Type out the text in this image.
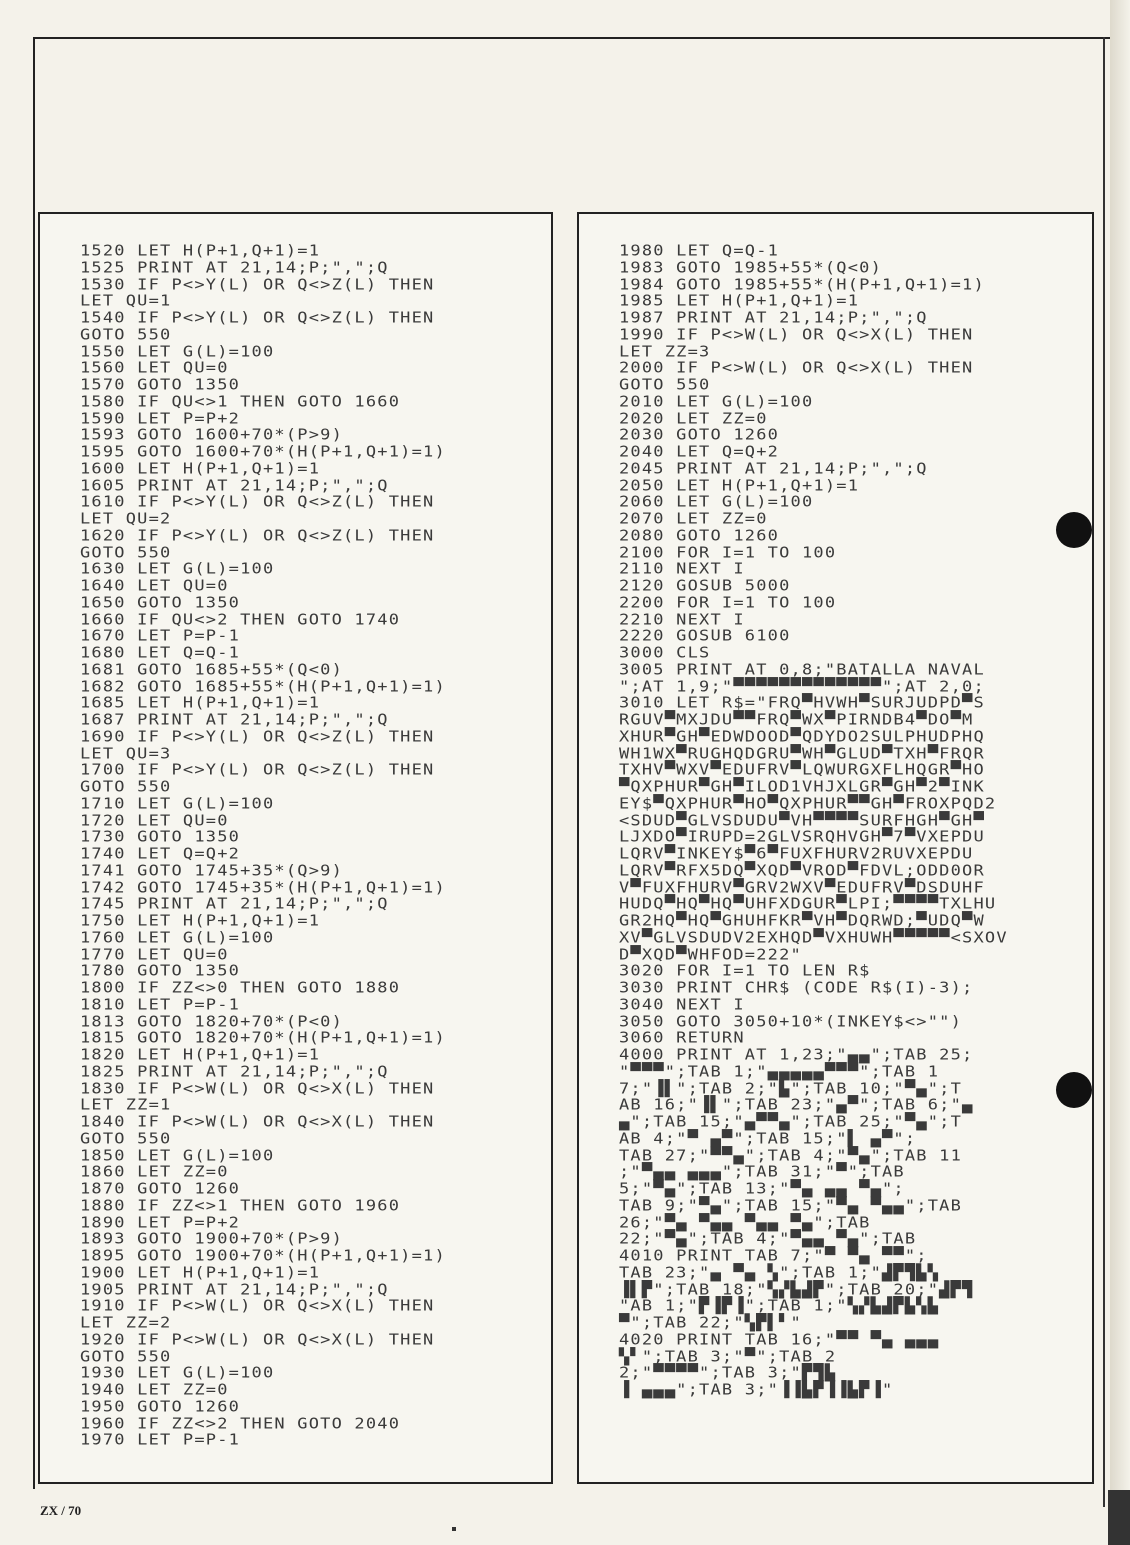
1520 LET H(P+1,Q+1)=1
1525 PRINT AT 21,14;P;",";Q
1530 IF P<>Y(L) OR Q<>Z(L) THEN
LET QU=1
1540 IF P<>Y(L) OR Q<>Z(L) THEN
GOTO 550
1550 LET G(L)=100
1560 LET QU=0
1570 GOTO 1350
1580 IF QU<>1 THEN GOTO 1660
1590 LET P=P+2
1593 GOTO 1600+70*(P>9)
1595 GOTO 1600+70*(H(P+1,Q+1)=1)
1600 LET H(P+1,Q+1)=1
1605 PRINT AT 21,14;P;",";Q
1610 IF P<>Y(L) OR Q<>Z(L) THEN
LET QU=2
1620 IF P<>Y(L) OR Q<>Z(L) THEN
GOTO 550
1630 LET G(L)=100
1640 LET QU=0
1650 GOTO 1350
1660 IF QU<>2 THEN GOTO 1740
1670 LET P=P-1
1680 LET Q=Q-1
1681 GOTO 1685+55*(Q<0)
1682 GOTO 1685+55*(H(P+1,Q+1)=1)
1685 LET H(P+1,Q+1)=1
1687 PRINT AT 21,14;P;",";Q
1690 IF P<>Y(L) OR Q<>Z(L) THEN
LET QU=3
1700 IF P<>Y(L) OR Q<>Z(L) THEN
GOTO 550
1710 LET G(L)=100
1720 LET QU=0
1730 GOTO 1350
1740 LET Q=Q+2
1741 GOTO 1745+35*(Q>9)
1742 GOTO 1745+35*(H(P+1,Q+1)=1)
1745 PRINT AT 21,14;P;",";Q
1750 LET H(P+1,Q+1)=1
1760 LET G(L)=100
1770 LET QU=0
1780 GOTO 1350
1800 IF ZZ<>0 THEN GOTO 1880
1810 LET P=P-1
1813 GOTO 1820+70*(P<0)
1815 GOTO 1820+70*(H(P+1,Q+1)=1)
1820 LET H(P+1,Q+1)=1
1825 PRINT AT 21,14;P;",";Q
1830 IF P<>W(L) OR Q<>X(L) THEN
LET ZZ=1
1840 IF P<>W(L) OR Q<>X(L) THEN
GOTO 550
1850 LET G(L)=100
1860 LET ZZ=0
1870 GOTO 1260
1880 IF ZZ<>1 THEN GOTO 1960
1890 LET P=P+2
1893 GOTO 1900+70*(P>9)
1895 GOTO 1900+70*(H(P+1,Q+1)=1)
1900 LET H(P+1,Q+1)=1
1905 PRINT AT 21,14;P;",";Q
1910 IF P<>W(L) OR Q<>X(L) THEN
LET ZZ=2
1920 IF P<>W(L) OR Q<>X(L) THEN
GOTO 550
1930 LET G(L)=100
1940 LET ZZ=0
1950 GOTO 1260
1960 IF ZZ<>2 THEN GOTO 2040
1970 LET P=P-1
1980 LET Q=Q-1
1983 GOTO 1985+55*(Q<0)
1984 GOTO 1985+55*(H(P+1,Q+1)=1)
1985 LET H(P+1,Q+1)=1
1987 PRINT AT 21,14;P;",";Q
1990 IF P<>W(L) OR Q<>X(L) THEN
LET ZZ=3
2000 IF P<>W(L) OR Q<>X(L) THEN
GOTO 550
2010 LET G(L)=100
2020 LET ZZ=0
2030 GOTO 1260
2040 LET Q=Q+2
2045 PRINT AT 21,14;P;",";Q
2050 LET H(P+1,Q+1)=1
2060 LET G(L)=100
2070 LET ZZ=0
2080 GOTO 1260
2100 FOR I=1 TO 100
2110 NEXT I
2120 GOSUB 5000
2200 FOR I=1 TO 100
2210 NEXT I
2220 GOSUB 6100
3000 CLS
3005 PRINT AT 0,8;"BATALLA NAVAL
";AT 1,9;"▀▀▀▀▀▀▀▀▀▀▀▀▀";AT 2,0;
3010 LET R$="FRQ▀HVWH▀SURJUDPD▀S
RGUV▀MXJDU▀▀FRQ▀WX▀PIRNDB4▀DO▀M
XHUR▀GH▀EDWDOOD▀QDYDO2SULPHUDPHQ
WH1WX▀RUGHQDGRU▀WH▀GLUD▀TXH▀FRQR
TXHV▀WXV▀EDUFRV▀LQWURGXFLHQGR▀HO
▀QXPHUR▀GH▀ILOD1VHJXLGR▀GH▀2▀INK
EY$▀QXPHUR▀HO▀QXPHUR▀▀GH▀FROXPQD2
<SDUD▀GLVSDUDU▀VH▀▀▀▀SURFHGH▀GH▀
LJXDO▀IRUPD=2GLVSRQHVGH▀7▀VXEPDU
LQRV▀INKEY$▀6▀FUXFHURV2RUVXEPDU
LQRV▀RFX5DQ▀XQD▀VROD▀FDVL;ODD0OR
V▀FUXFHURV▀GRV2WXV▀EDUFRV▀DSDUHF
HUDQ▀HQ▀HQ▀UHFXDGUR▀LPI;▀▀▀▀TXLHU
GR2HQ▀HQ▀GHUHFKR▀VH▀DQRWD;▀UDQ▀W
XV▀GLVSDUDV2EXHQD▀VXHUWH▀▀▀▀▀<SXOV
D▀XQD▀WHFOD=222"
3020 FOR I=1 TO LEN R$
3030 PRINT CHR$ (CODE R$(I)-3);
3040 NEXT I
3050 GOTO 3050+10*(INKEY$<>"")
3060 RETURN
4000 PRINT AT 1,23;"▄▄";TAB 25;
"▀▀▀";TAB 1;"▄▄▄▄▄▀▀▀";TAB 1
7;"▐▌";TAB 2;"▙";TAB 10;"▀▄";T
AB 16;"▐▌";TAB 23;"▄▀";TAB 6;"▄
▄";TAB 15;"▄▀▀▄";TAB 25;"▀▄";T
AB 4;"▀ ▄▀";TAB 15;"▌ ▄▀";
TAB 27;"▀▀▄";TAB 4;"▀▄";TAB 11
;"▀▄▄ ▄▄▄";TAB 31;"▀";TAB
5;"▀▄";TAB 13;"▀▄ ▄▄ ▀▄";
TAB 9;"▀▄";TAB 15;"▀▄ ▀▄▄";TAB
26;"▀▄ ▀▄▄ ▀▄▄ ▀▄";TAB
22;"▀▄";TAB 4;"▀▄▄ ▀▄";TAB
4010 PRINT TAB 7;"▀ ▀▄ ▀▀";
TAB 23;"▄ ▀▄ ▚";TAB 1;"▟▛▜▙▚
▐▌▛";TAB 18;"▚▞▙▟▛";TAB 20;"▟▛▜
"AB 1;"▛▐▛▐";TAB 1;"▚▞▙▟▛▙▚▙
▀";TAB 22;"▚▛▌▘"
4020 PRINT TAB 16;"▀▀ ▀▄ ▄▄▄
▚▘";TAB 3;"▀";TAB 2
2;"▀▀▀▀";TAB 3;"▛▜▙
▐ ▄▄▄";TAB 3;"▐▐▙▛▐▐▙▛▐"
ZX / 70
